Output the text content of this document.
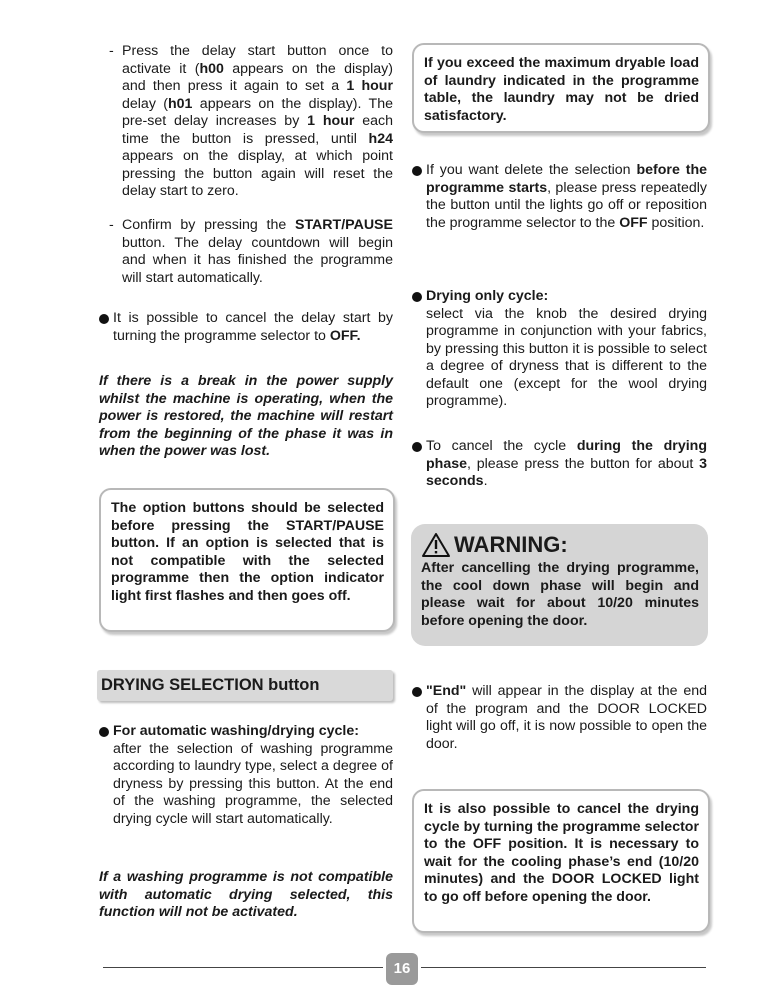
- Press the delay start button once to activate it (h00 appears on the display) and then press it again to set a 1 hour delay (h01 appears on the display). The pre-set delay increases by 1 hour each time the button is pressed, until h24 appears on the display, at which point pressing the button again will reset the delay start to zero.
- Confirm by pressing the START/PAUSE button. The delay countdown will begin and when it has finished the programme will start automatically.
It is possible to cancel the delay start by turning the programme selector to OFF.
If there is a break in the power supply whilst the machine is operating, when the power is restored, the machine will restart from the beginning of the phase it was in when the power was lost.
The option buttons should be selected before pressing the START/PAUSE button. If an option is selected that is not compatible with the selected programme then the option indicator light first flashes and then goes off.
DRYING SELECTION button
For automatic washing/drying cycle:
after the selection of washing programme according to laundry type, select a degree of dryness by pressing this button. At the end of the washing programme, the selected drying cycle will start automatically.
If a washing programme is not compatible with automatic drying selected, this function will not be activated.
If you exceed the maximum dryable load of laundry indicated in the programme table, the laundry may not be dried satisfactory.
If you want delete the selection before the programme starts, please press repeatedly the button until the lights go off or reposition the programme selector to the OFF position.
Drying only cycle:
select via the knob the desired drying programme in conjunction with your fabrics, by pressing this button it is possible to select a degree of dryness that is different to the default one (except for the wool drying programme).
To cancel the cycle during the drying phase, please press the button for about 3 seconds.
WARNING:
After cancelling the drying programme, the cool down phase will begin and please wait for about 10/20 minutes before opening the door.
"End" will appear in the display at the end of the program and the DOOR LOCKED light will go off, it is now possible to open the door.
It is also possible to cancel the drying cycle by turning the programme selector to the OFF position. It is necessary to wait for the cooling phase’s end (10/20 minutes) and the DOOR LOCKED light to go off before opening the door.
16
